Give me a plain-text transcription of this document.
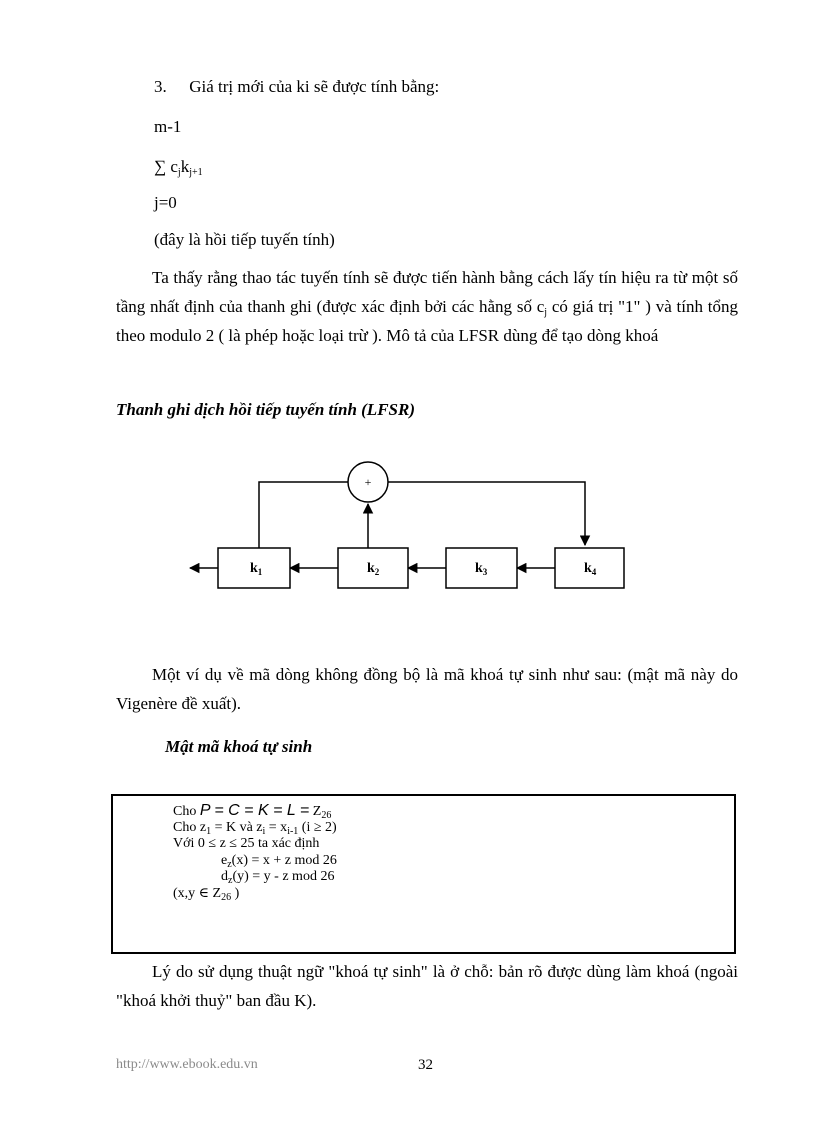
3. Giá trị mới của ki sẽ được tính bằng:
m-1
∑ $c_jk_{j+1}$
j=0
(đây là hồi tiếp tuyến tính)
Ta thấy rằng thao tác tuyến tính sẽ được tiến hành bằng cách lấy tín hiệu ra từ một số tầng nhất định của thanh ghi (được xác định bởi các hằng số $c_j$ có giá trị "1" ) và tính tổng theo modulo 2 ( là phép hoặc loại trừ ). Mô tả của LFSR dùng để tạo dòng khoá
Thanh ghi dịch hồi tiếp tuyến tính (LFSR)
+
$k_1$	$k_2$	$k_3$	$k_4$
Một ví dụ về mã dòng không đồng bộ là mã khoá tự sinh như sau: (mật mã này do Vigenère đề xuất).
Mật mã khoá tự sinh
Cho $P = C = K = L = Z_{26}$
Cho $z_1 = K$ và $z_i = x_{i-1}$ (i ≥ 2)
Với 0 ≤ z ≤ 25 ta xác định
$e_z(x) = x + z$ mod 26
$d_z(y) = y - z$ mod 26
(x,y ∈ $Z_{26}$ )
Lý do sử dụng thuật ngữ "khoá tự sinh" là ở chỗ: bản rõ được dùng làm khoá (ngoài "khoá khởi thuỷ" ban đầu K).
http://www.ebook.edu.vn	32
